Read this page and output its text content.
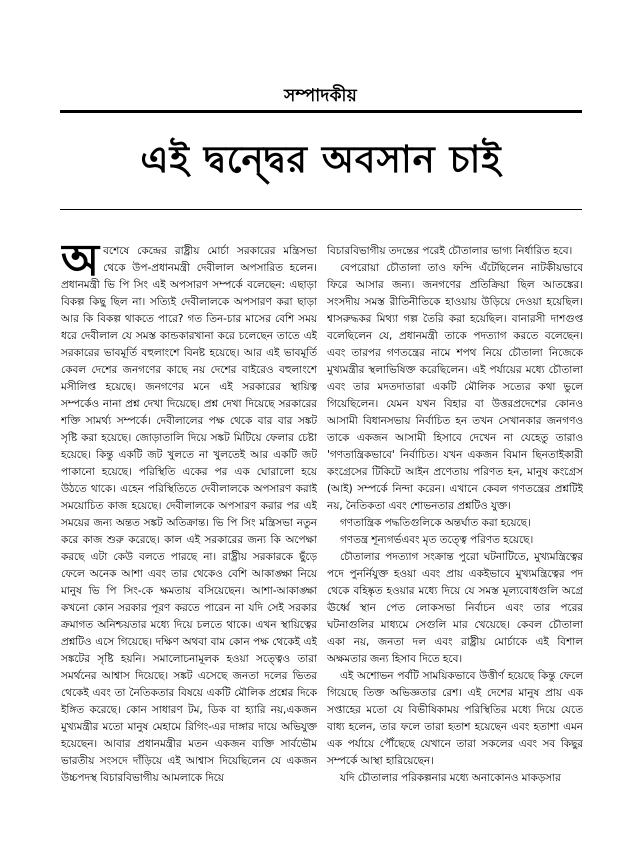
সম্পাদকীয়
এই দ্বন্দ্বের অবসান চাই

অবশেষে কেন্দ্রের রাষ্ট্রীয় মোর্চা সরকারের মন্ত্রিসভা থেকে উপ-প্রধানমন্ত্রী দেবীলাল অপসারিত হলেন। প্রধানমন্ত্রী ভি পি সিং এই অপসারণ সম্পর্কে বলেছেন: এছাড়া বিকল্প কিছু ছিল না। সত্যিই দেবীলালকে অপসারণ করা ছাড়া আর কি বিকল্প থাকতে পারে? গত তিন-চার মাসের বেশি সময় ধরে দেবীলাল যে সমস্ত কান্ডকারখানা করে চলেছেন তাতে এই সরকারের ভাবমূর্তি বহুলাংশে বিনষ্ট হয়েছে। আর এই ভাবমূর্তি কেবল দেশের জনগণের কাছে নয় দেশের বাইরেও বহুলাংশে মসীলিপ্ত হয়েছে। জনগণের মনে এই সরকারের স্থায়িত্ব সম্পর্কেও নানা প্রশ্ন দেখা দিয়েছে। প্রশ্ন দেখা দিয়েছে সরকারের শক্তি সামর্থ্য সম্পর্কে। দেবীলালের পক্ষ থেকে বার বার সঙ্কট সৃষ্টি করা হয়েছে। জোড়াতালি দিয়ে সঙ্কট মিটিয়ে ফেলার চেষ্টা হয়েছে। কিন্তু একটি জট খুলতে না খুলতেই আর একটি জট পাকানো হয়েছে। পরিস্থিতি একের পর এক ঘোরালো হয়ে উঠতে থাকে। এহেন পরিস্থিতিতে দেবীলালকে অপসারণ করাই সময়োচিত কাজ হয়েছে। দেবীলালকে অপসারণ করার পর এই সময়ের জন্য অন্তত সঙ্কট অতিক্রান্ত। ভি পি সিং মন্ত্রিসভা নতুন করে কাজ শুরু করেছে। কাল এই সরকারের জন্য কি অপেক্ষা করছে এটা কেউ বলতে পারছে না। রাষ্ট্রীয় সরকারকে ছুঁড়ে ফেলে অনেক আশা এবং তার থেকেও বেশি আকাঙ্ক্ষা নিয়ে মানুষ ভি পি সিং-কে ক্ষমতায় বসিয়েছেন। আশা-আকাঙ্ক্ষা কখনো কোন সরকার পূরণ করতে পারেন না যদি সেই সরকার ক্রমাগত অনিশ্চয়তার মধ্যে দিয়ে চলতে থাকে। এখন স্থায়িত্বের প্রশ্নটিও এসে গিয়েছে। দক্ষিণ অথবা বাম কোন পক্ষ থেকেই এই সঙ্কটের সৃষ্টি হয়নি। সমালোচনামূলক হওয়া সত্ত্বেও তারা সমর্থনের আশ্বাস দিয়েছে। সঙ্কট এসেছে জনতা দলের ভিতর থেকেই এবং তা নৈতিকতার বিষয়ে একটি মৌলিক প্রশ্নের দিকে ইঙ্গিত করেছে। কোন সাধারণ টম, ডিক বা হ্যারি নয়,একজন মুখ্যমন্ত্রীর মতো মানুষ মেহামে রিগিং-এর দাঙ্গার দায়ে অভিযুক্ত হয়েছেন। আবার প্রধানমন্ত্রীর মতন একজন ব্যক্তি সার্বভৌম ভারতীয় সংসদে দাঁড়িয়ে এই আশ্বাস দিয়েছিলেন যে একজন উচ্চপদস্থ বিচারবিভাগীয় আমলাকে দিয়ে

বিচারবিভাগীয় তদন্তের পরেই চৌতালার ভাগ্য নির্ধারিত হবে।

বেপরোয়া চৌতালা তাও ফন্দি এঁটেছিলেন নাটকীয়ভাবে ফিরে আসার জন্য। জনগণের প্রতিক্রিয়া ছিল আতঙ্কের। সংসদীয় সমস্ত রীতিনীতিকে হাওয়ায় উড়িয়ে দেওয়া হয়েছিল। শ্বাসরুদ্ধকর মিথ্যা গল্প তৈরি করা হয়েছিল। বানারসী দাশগুপ্ত বলেছিলেন যে, প্রধানমন্ত্রী তাকে পদত্যাগ করতে বলেছেন। এবং তারপর গণতন্ত্রের নামে শপথ নিয়ে চৌতালা নিজেকে মুখ্যমন্ত্রীর স্থলাভিষিক্ত করেছিলেন। এই পর্যায়ের মধ্যে চৌতালা এবং তার মদতদাতারা একটি মৌলিক সত্যের কথা ভুলে গিয়েছিলেন। যেমন যখন বিহার বা উত্তরপ্রদেশের কোনও আসামী বিধানসভায় নির্বাচিত হন তখন সেখানকার জনগণও তাকে একজন আসামী হিসাবে দেখেন না যেহেতু তারাও 'গণতান্ত্রিকভাবে' নির্বাচিত। যখন একজন বিমান ছিনতাইকারী কংগ্রেসের টিকিটে আইন প্রণেতায় পরিণত হন, মানুষ কংগ্রেস (আই) সম্পর্কে নিন্দা করেন। এখানে কেবল গণতন্ত্রের প্রশ্নটিই নয়, নৈতিকতা এবং শোভনতার প্রশ্নটিও যুক্ত।

গণতান্ত্রিক পদ্ধতিগুলিকে অন্তর্ঘাত করা হয়েছে।

গণতন্ত্র শূন্যগর্ভএবং মৃত তত্ত্বে পরিণত হয়েছে।

চৌতালার পদত্যাগ সংক্রান্ত পুরো ঘটনাটিতে, মুখ্যমন্ত্রিত্বের পদে পুনর্নিযুক্ত হওয়া এবং প্রায় একইভাবে মুখ্যমন্ত্রিত্বের পদ থেকে বহিষ্কৃত হওয়ার মধ্যে দিয়ে যে সমস্ত মূল্যবোধগুলি অগ্রে ঊর্ধ্বে স্থান পেত লোকসভা নির্বাচন এবং তার পরের ঘটনাগুলির মাধ্যমে সেগুলি মার খেয়েছে। কেবল চৌতালা একা নয়, জনতা দল এবং রাষ্ট্রীয় মোর্চাকে এই বিশাল অক্ষমতার জন্য হিসাব দিতে হবে।

এই অশোভন পর্বটি সাময়িকভাবে উত্তীর্ণ হয়েছে কিন্তু ফেলে গিয়েছে তিক্ত অভিজ্ঞতার রেশ। এই দেশের মানুষ প্রায় এক সপ্তাহের মতো যে বিভীষিকাময় পরিস্থিতির মধ্যে দিয়ে যেতে বাধ্য হলেন, তার ফলে তারা হতাশ হয়েছেন এবং হতাশা এমন এক পর্যায়ে পৌঁছেছে যেখানে তারা সকলের এবং সব কিছুর সম্পর্কে আস্থা হারিয়েছেন।

যদি চৌতালার পরিকল্পনার মধ্যে অনাকোনও মাকড়সার
